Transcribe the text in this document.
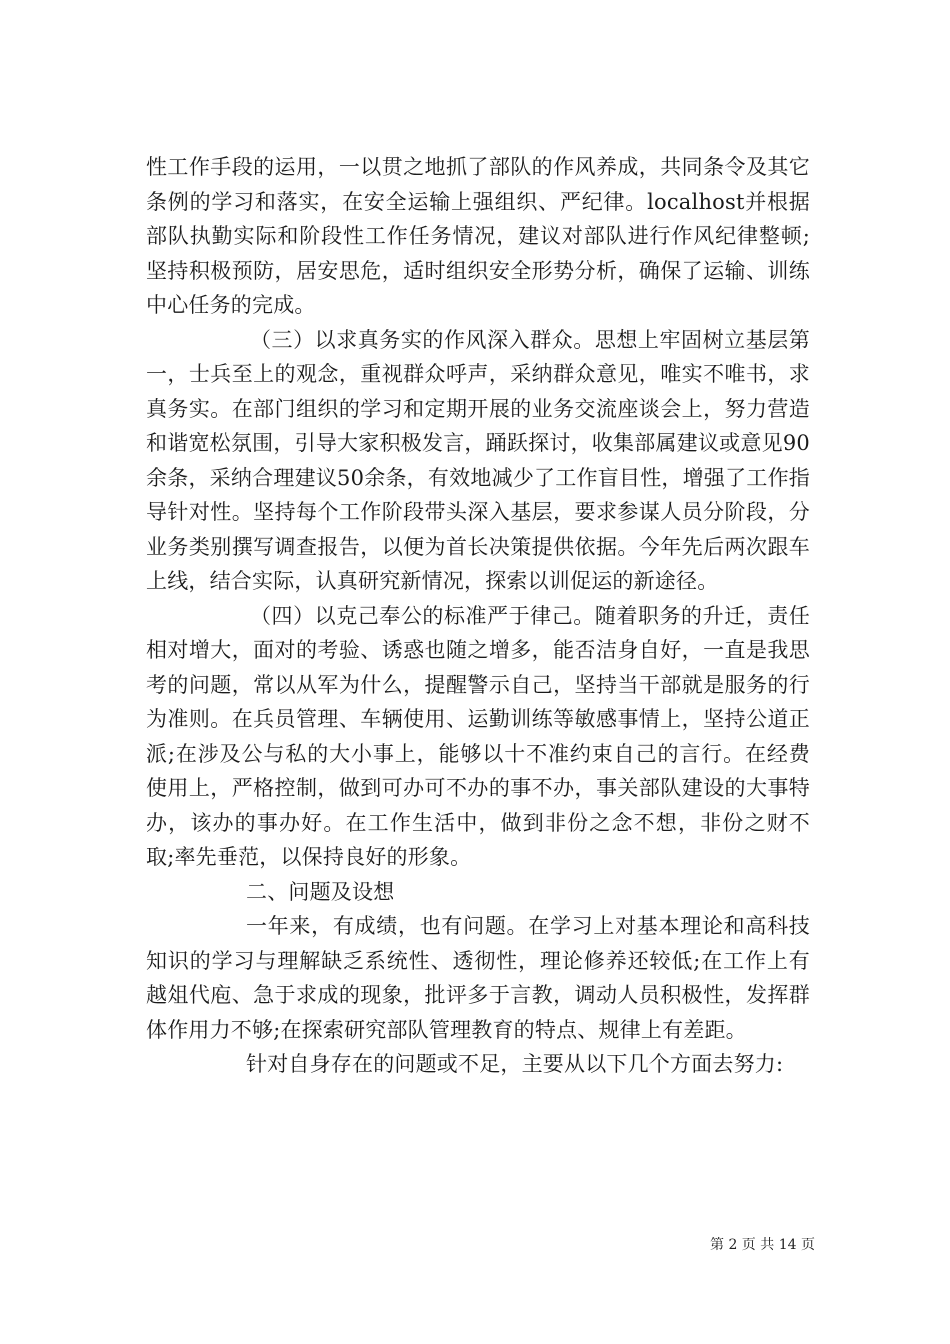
性工作手段的运用，一以贯之地抓了部队的作风养成，共同条令及其它条例的学习和落实，在安全运输上强组织、严纪律。localhost并根据部队执勤实际和阶段性工作任务情况，建议对部队进行作风纪律整顿;坚持积极预防，居安思危，适时组织安全形势分析，确保了运输、训练中心任务的完成。

（三）以求真务实的作风深入群众。思想上牢固树立基层第一，士兵至上的观念，重视群众呼声，采纳群众意见，唯实不唯书，求真务实。在部门组织的学习和定期开展的业务交流座谈会上，努力营造和谐宽松氛围，引导大家积极发言，踊跃探讨，收集部属建议或意见90余条，采纳合理建议50余条，有效地减少了工作盲目性，增强了工作指导针对性。坚持每个工作阶段带头深入基层，要求参谋人员分阶段，分业务类别撰写调查报告，以便为首长决策提供依据。今年先后两次跟车上线，结合实际，认真研究新情况，探索以训促运的新途径。

（四）以克己奉公的标准严于律己。随着职务的升迁，责任相对增大，面对的考验、诱惑也随之增多，能否洁身自好，一直是我思考的问题，常以从军为什么，提醒警示自己，坚持当干部就是服务的行为准则。在兵员管理、车辆使用、运勤训练等敏感事情上，坚持公道正派;在涉及公与私的大小事上，能够以十不准约束自己的言行。在经费使用上，严格控制，做到可办可不办的事不办，事关部队建设的大事特办，该办的事办好。在工作生活中，做到非份之念不想，非份之财不取;率先垂范，以保持良好的形象。

二、问题及设想

一年来，有成绩，也有问题。在学习上对基本理论和高科技知识的学习与理解缺乏系统性、透彻性，理论修养还较低;在工作上有越俎代庖、急于求成的现象，批评多于言教，调动人员积极性，发挥群体作用力不够;在探索研究部队管理教育的特点、规律上有差距。

针对自身存在的问题或不足，主要从以下几个方面去努力:

第 2 页 共 14 页
